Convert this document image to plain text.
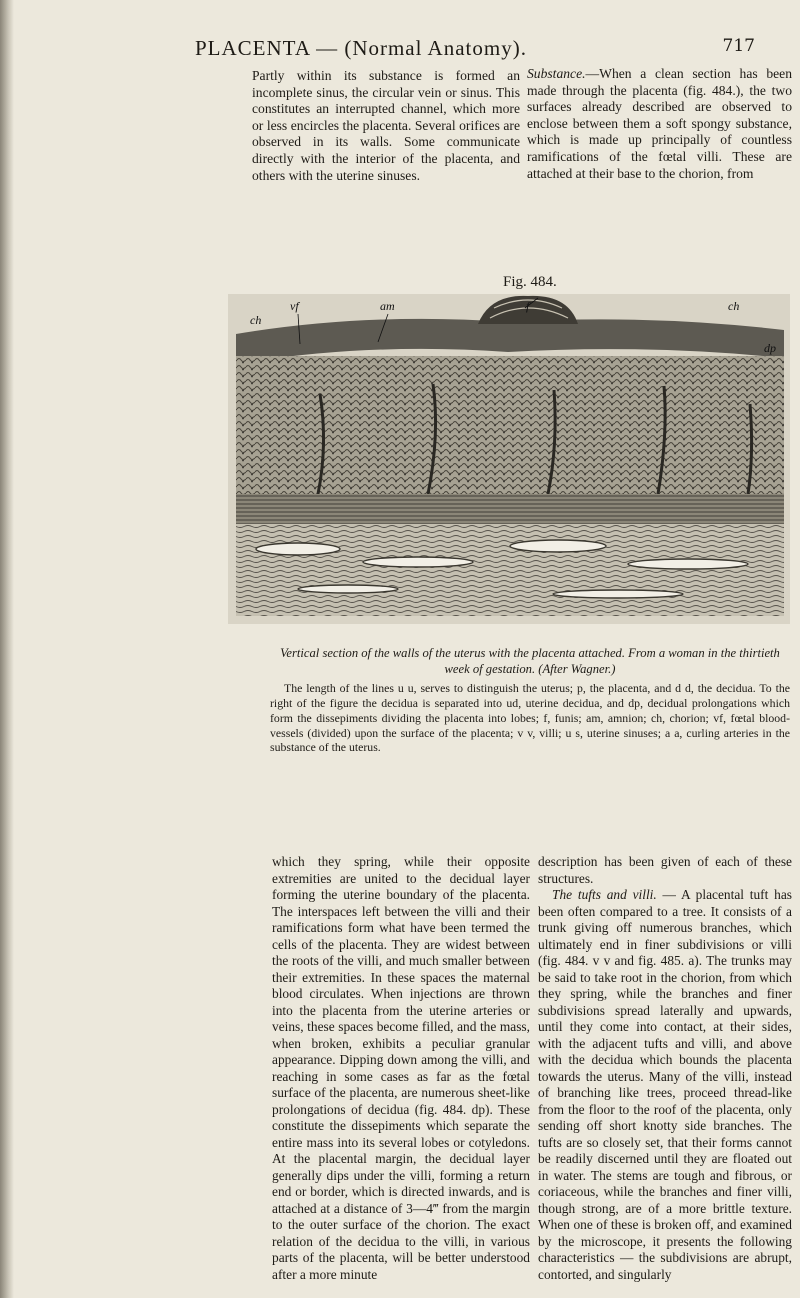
PLACENTA — (Normal Anatomy).	717
Partly within its substance is formed an incomplete sinus, the circular vein or sinus. This constitutes an interrupted channel, which more or less encircles the placenta. Several orifices are observed in its walls. Some communicate directly with the interior of the placenta, and others with the uterine sinuses.
Substance.—When a clean section has been made through the placenta (fig. 484.), the two surfaces already described are observed to enclose between them a soft spongy substance, which is made up principally of countless ramifications of the fœtal villi. These are attached at their base to the chorion, from
Fig. 484.
f
vf	am
ch
ch
dp

Vertical section of the walls of the uterus with the placenta attached. From a woman in the thirtieth week of gestation. (After Wagner.)

The length of the lines u u, serves to distinguish the uterus; p, the placenta, and d d, the decidua. To the right of the figure the decidua is separated into ud, uterine decidua, and dp, decidual prolongations which form the dissepiments dividing the placenta into lobes; f, funis; am, amnion; ch, chorion; vf, fœtal blood-vessels (divided) upon the surface of the placenta; v v, villi; u s, uterine sinuses; a a, curling arteries in the substance of the uterus.

which they spring, while their opposite extremities are united to the decidual layer forming the uterine boundary of the placenta. The interspaces left between the villi and their ramifications form what have been termed the cells of the placenta. They are widest between the roots of the villi, and much smaller between their extremities. In these spaces the maternal blood circulates. When injections are thrown into the placenta from the uterine arteries or veins, these spaces become filled, and the mass, when broken, exhibits a peculiar granular appearance. Dipping down among the villi, and reaching in some cases as far as the fœtal surface of the placenta, are numerous sheet-like prolongations of decidua (fig. 484. dp). These constitute the dissepiments which separate the entire mass into its several lobes or cotyledons. At the placental margin, the decidual layer generally dips under the villi, forming a return end or border, which is directed inwards, and is attached at a distance of 3—4‴ from the margin to the outer surface of the chorion. The exact relation of the decidua to the villi, in various parts of the placenta, will be better understood after a more minute
description has been given of each of these structures.
The tufts and villi. — A placental tuft has been often compared to a tree. It consists of a trunk giving off numerous branches, which ultimately end in finer subdivisions or villi (fig. 484. v v and fig. 485. a). The trunks may be said to take root in the chorion, from which they spring, while the branches and finer subdivisions spread laterally and upwards, until they come into contact, at their sides, with the adjacent tufts and villi, and above with the decidua which bounds the placenta towards the uterus. Many of the villi, instead of branching like trees, proceed thread-like from the floor to the roof of the placenta, only sending off short knotty side branches. The tufts are so closely set, that their forms cannot be readily discerned until they are floated out in water. The stems are tough and fibrous, or coriaceous, while the branches and finer villi, though strong, are of a more brittle texture. When one of these is broken off, and examined by the microscope, it presents the following characteristics — the subdivisions are abrupt, contorted, and singularly
